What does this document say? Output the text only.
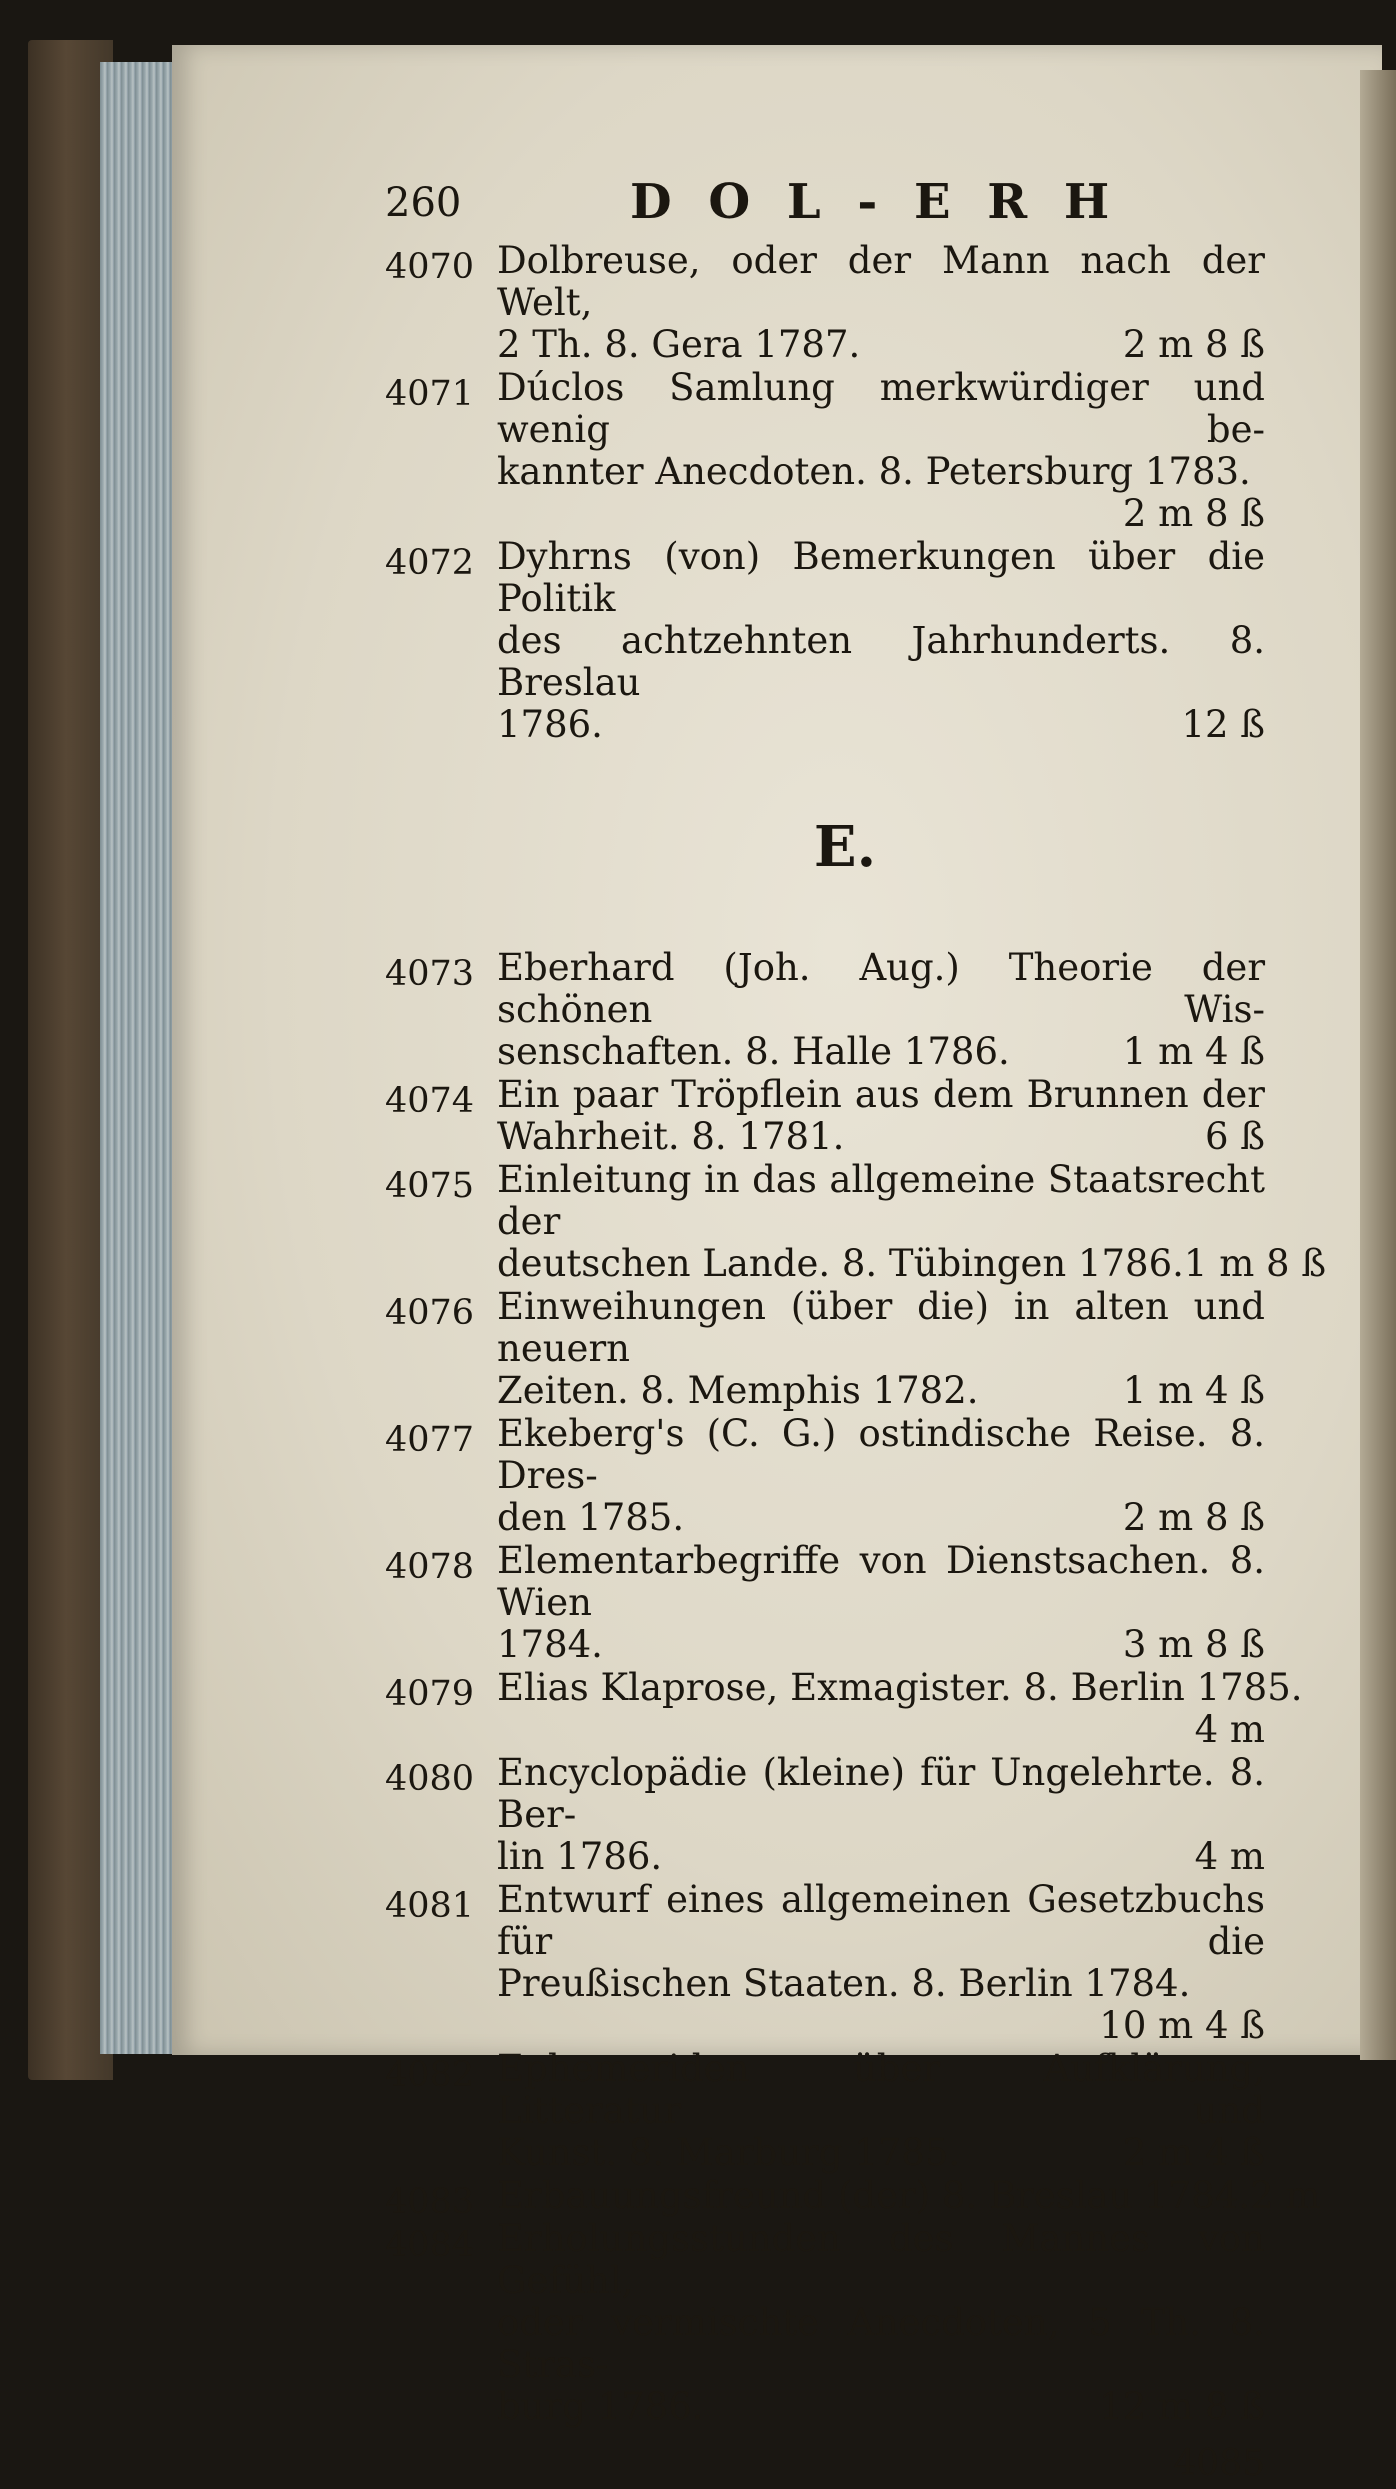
260	D O L - E R H
4070 Dolbreuse, oder der Mann nach der Welt,
2 Th. 8. Gera 1787.	2 m 8 ß
4071 Dúclos Samlung merkwürdiger und wenig be-
kannter Anecdoten. 8. Petersburg 1783.
2 m 8 ß
4072 Dyhrns (von) Bemerkungen über die Politik
des achtzehnten Jahrhunderts. 8. Breslau
1786.	12 ß
E.
4073 Eberhard (Joh. Aug.) Theorie der schönen Wis-
senschaften. 8. Halle 1786.	1 m 4 ß
4074 Ein paar Tröpflein aus dem Brunnen der
Wahrheit. 8. 1781.	6 ß
4075 Einleitung in das allgemeine Staatsrecht der
deutschen Lande. 8. Tübingen 1786. 1 m 8 ß
4076 Einweihungen (über die) in alten und neuern
Zeiten. 8. Memphis 1782.	1 m 4 ß
4077 Ekeberg's (C. G.) ostindische Reise. 8. Dres-
den 1785.	2 m 8 ß
4078 Elementarbegriffe von Dienstsachen. 8. Wien
1784.	3 m 8 ß
4079 Elias Klaprose, Exmagister. 8. Berlin 1785.
4 m
4080 Encyclopädie (kleine) für Ungelehrte. 8. Ber-
lin 1786.	4 m
4081 Entwurf eines allgemeinen Gesetzbuchs für die
Preußischen Staaten. 8. Berlin 1784.
10 m 4 ß
4082 Ephemeriden über Aufklärung, Litteratur und
Kunst. 8. Marburg 1785.	2 m 4 ß
4083 Erbauungsfreund (der) 8. Breslau 1784. 2 m
4084 Erholungsstunden des Mannes von Gefühl,
oder vermischte Anecdoten, 5 Th. 8. Stras-
burg 1786.	12 m 8 ß
4085
